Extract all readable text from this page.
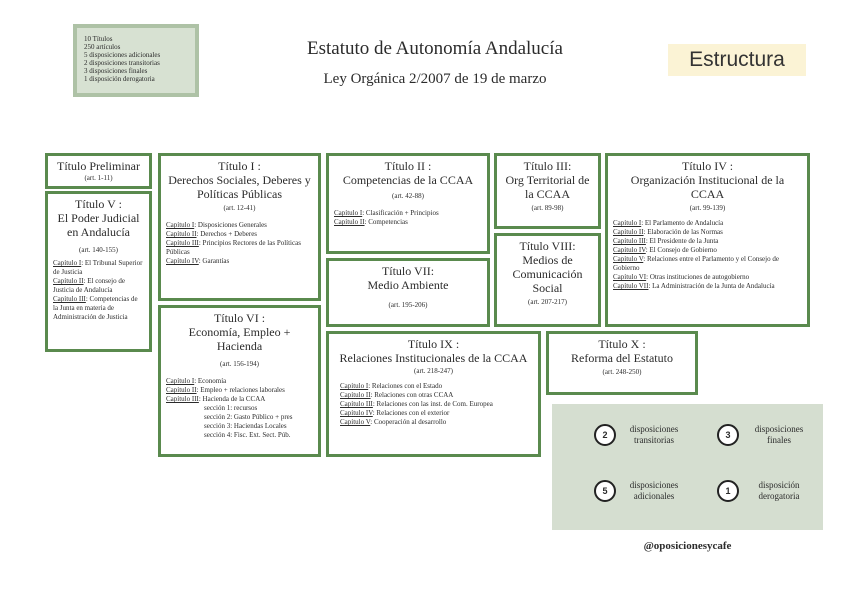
10 Títulos
250 artículos
5 disposiciones adicionales
2 disposiciones transitorias
3 disposiciones finales
1 disposición derogatoria
Estatuto de Autonomía Andalucía
Ley Orgánica 2/2007 de 19 de marzo
Estructura
Título Preliminar
(art. 1-11)
Título V :
El Poder Judicial en Andalucía
(art. 140-155)
Capítulo I: El Tribunal Superior de Justicia
Capítulo II: El consejo de Justicia de Andalucía
Capítulo III: Competencias de la Junta en materia de Administración de Justicia
Título I :
Derechos Sociales, Deberes y Políticas Públicas
(art. 12-41)
Capítulo I: Disposiciones Generales
Capítulo II: Derechos + Deberes
Capítulo III: Principios Rectores de las Políticas Públicas
Capítulo IV: Garantías
Título VI :
Economía, Empleo + Hacienda
(art. 156-194)
Capítulo I: Economía
Capítulo II: Empleo + relaciones laborales
Capítulo III: Hacienda de la CCAA
sección 1: recursos
sección 2: Gasto Público + pres
sección 3: Haciendas Locales
sección 4: Fisc. Ext. Sect. Púb.
Título II :
Competencias de la CCAA
(art. 42-88)
Capítulo I: Clasificación + Principios
Capítulo II: Competencias
Título VII:
Medio Ambiente
(art. 195-206)
Título III:
Org Territorial de la CCAA
(art. 89-98)
Título VIII:
Medios de Comunicación Social
(art. 207-217)
Título IV :
Organización Institucional de la CCAA
(art. 99-139)
Capítulo I: El Parlamento de Andalucía
Capítulo II: Elaboración de las Normas
Capítulo III: El Presidente de la Junta
Capítulo IV: El Consejo de Gobierno
Capítulo V: Relaciones entre el Parlamento y el Consejo de Gobierno
Capítulo VI: Otras instituciones de autogobierno
Capítulo VII: La Administración de la Junta de Andalucía
Título IX :
Relaciones Institucionales de la CCAA
(art. 218-247)
Capítulo I: Relaciones con el Estado
Capítulo II: Relaciones con otras CCAA
Capítulo III: Relaciones con las inst. de Com. Europea
Capítulo IV: Relaciones con el exterior
Capítulo V: Cooperación al desarrollo
Título X :
Reforma del Estatuto
(art. 248-250)
2
disposiciones transitorias	3
disposiciones finales
5
disposiciones adicionales	1
disposición derogatoria
@oposicionesycafe
